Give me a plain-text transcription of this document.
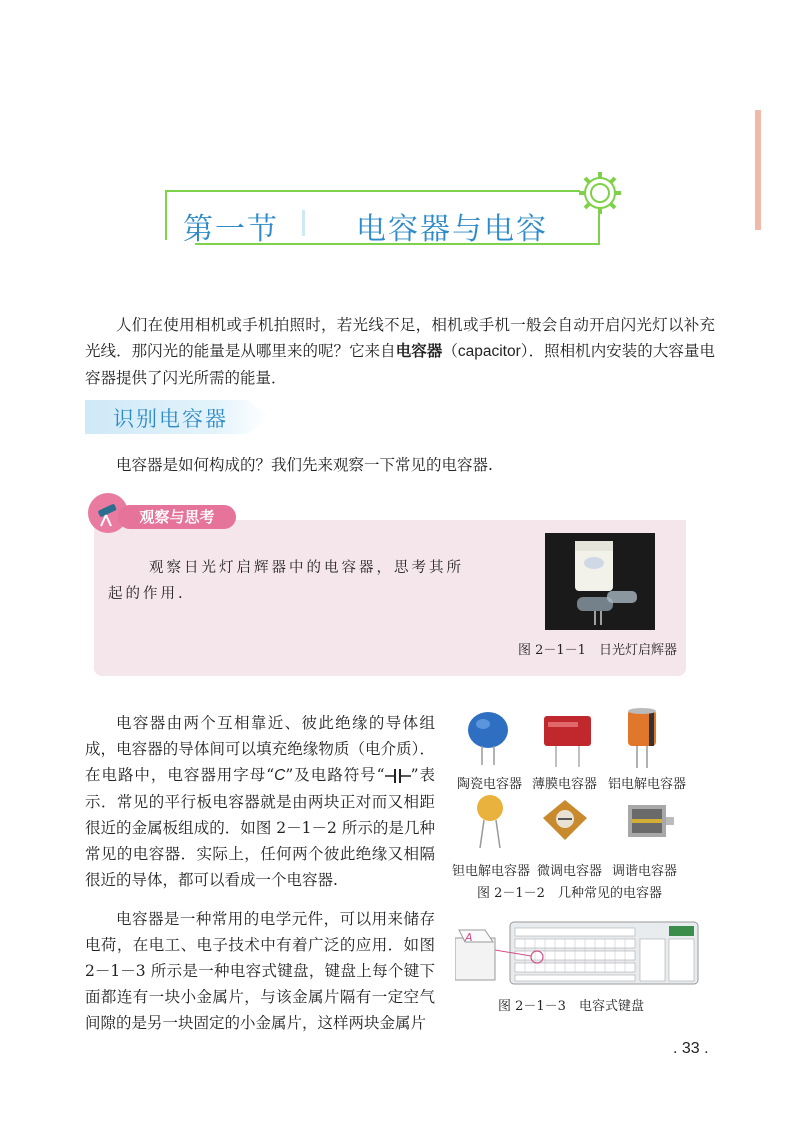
第一节	电容器与电容
人们在使用相机或手机拍照时，若光线不足，相机或手机一般会自动开启闪光灯以补充光线．那闪光的能量是从哪里来的呢？它来自电容器（capacitor）．照相机内安装的大容量电容器提供了闪光所需的能量．
识别电容器
电容器是如何构成的？我们先来观察一下常见的电容器.
观察与思考
观察日光灯启辉器中的电容器，思考其所起的作用.
图 2－1－1　日光灯启辉器
电容器由两个互相靠近、彼此绝缘的导体组成，电容器的导体间可以填充绝缘物质（电介质）．在电路中，电容器用字母“C”及电路符号“ ”表示．常见的平行板电容器就是由两块正对而又相距很近的金属板组成的．如图 2－1－2 所示的是几种常见的电容器．实际上，任何两个彼此绝缘又相隔很近的导体，都可以看成一个电容器.
电容器是一种常用的电学元件，可以用来储存电荷，在电工、电子技术中有着广泛的应用．如图 2－1－3 所示是一种电容式键盘，键盘上每个键下面都连有一块小金属片，与该金属片隔有一定空气间隙的是另一块固定的小金属片，这样两块金属片
陶瓷电容器 薄膜电容器 铝电解电容器
钽电解电容器 微调电容器 调谐电容器
图 2－1－2　几种常见的电容器
A
图 2－1－3　电容式键盘
. 33 .
